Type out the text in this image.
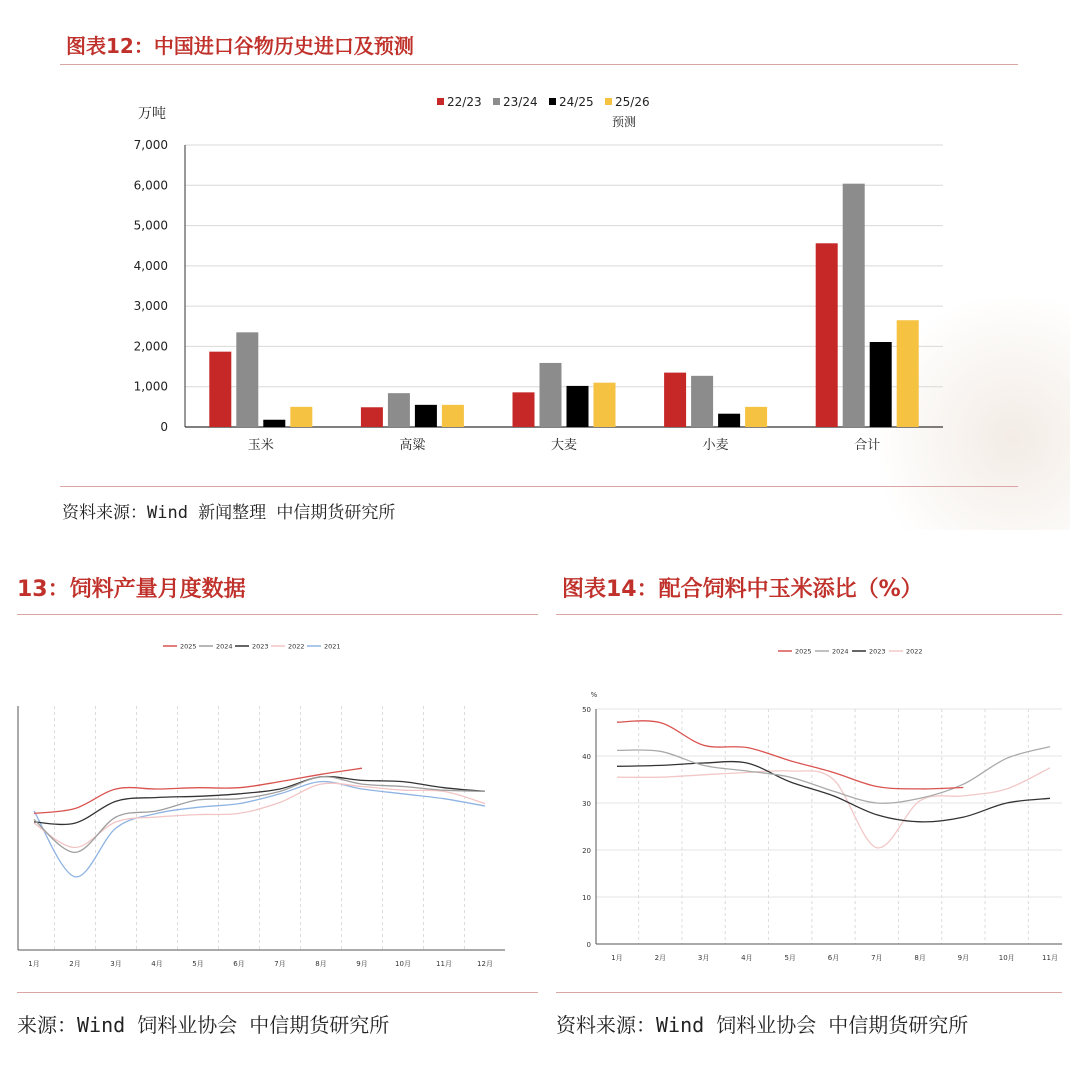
图表12：中国进口谷物历史进口及预测
万吨
0
1,000
2,000
3,000
4,000
5,000
6,000
7,000
玉米	高粱	大麦	小麦	合计
22/23 23/24 24/25 25/26
预测
资料来源：Wind 新闻整理 中信期货研究所
13：饲料产量月度数据
1月	2月	3月	4月	5月	6月	7月	8月	9月	10月	11月	12月
2025	2024	2023	2022	2021
来源：Wind 饲料业协会 中信期货研究所
图表14：配合饲料中玉米添比（%）
0
10
20
30
40
50
1月	2月	3月	4月	5月	6月	7月	8月	9月	10月	11月
%
2025	2024	2023	2022
资料来源：Wind 饲料业协会 中信期货研究所
